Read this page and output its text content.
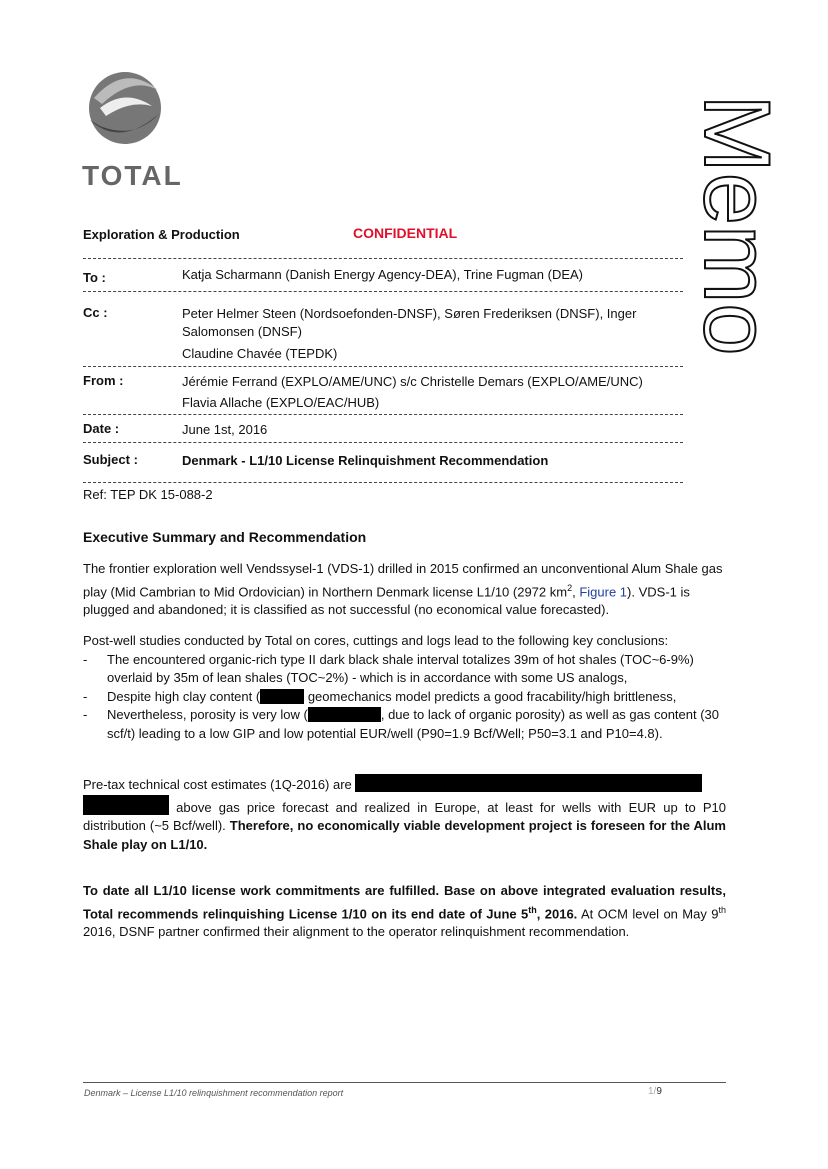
TOTAL	Memo
Exploration & Production	CONFIDENTIAL
To :	Katja Scharmann (Danish Energy Agency-DEA), Trine Fugman (DEA)
Cc :	Peter Helmer Steen (Nordsoefonden-DNSF), Søren Frederiksen (DNSF), Inger
Salomonsen (DNSF)
Claudine Chavée (TEPDK)
From :	Jérémie Ferrand (EXPLO/AME/UNC) s/c Christelle Demars (EXPLO/AME/UNC)
Flavia Allache (EXPLO/EAC/HUB)
Date :	June 1st, 2016
Subject :	Denmark - L1/10 License Relinquishment Recommendation
Ref: TEP DK 15-088-2
Executive Summary and Recommendation
The frontier exploration well Vendssysel-1 (VDS-1) drilled in 2015 confirmed an unconventional Alum Shale gas play (Mid Cambrian to Mid Ordovician) in Northern Denmark license L1/10 (2972 $km^2$, Figure 1). VDS-1 is plugged and abandoned; it is classified as not successful (no economical value forecasted).
Post-well studies conducted by Total on cores, cuttings and logs lead to the following key conclusions:
- The encountered organic-rich type II dark black shale interval totalizes 39m of hot shales (TOC~6-9%) overlaid by 35m of lean shales (TOC~2%) - which is in accordance with some US analogs,
- Despite high clay content (	geomechanics model predicts a good fracability/high brittleness,
- Nevertheless, porosity is very low (	, due to lack of organic porosity) as well as gas content (30 scf/t) leading to a low GIP and low potential EUR/well (P90=1.9 Bcf/Well; P50=3.1 and P10=4.8).
Pre-tax technical cost estimates (1Q-2016) are
above gas price forecast and realized in Europe, at least for wells with EUR up to P10 distribution (~5 Bcf/well). Therefore, no economically viable development project is foreseen for the Alum Shale play on L1/10.
To date all L1/10 license work commitments are fulfilled. Base on above integrated evaluation results, Total recommends relinquishing License 1/10 on its end date of June 5th, 2016. At OCM level on May 9th 2016, DSNF partner confirmed their alignment to the operator relinquishment recommendation.
Denmark – License L1/10 relinquishment recommendation report	1/9
